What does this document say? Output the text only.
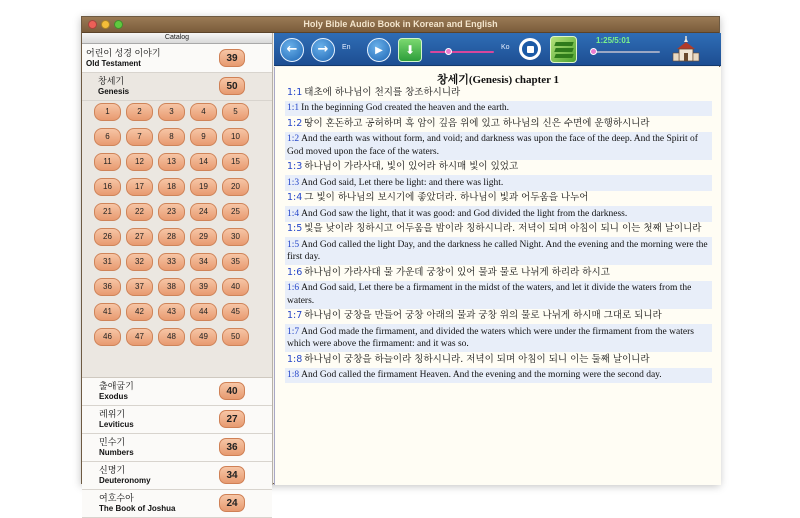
Holy Bible Audio Book in Korean and English
Catalog
어린이 성경 이야기
Old Testament	39
창세기
Genesis	50
1	2	3	4	5
6	7	8	9	10
11	12	13	14	15
16	17	18	19	20
21	22	23	24	25
26	27	28	29	30
31	32	33	34	35
36	37	38	39	40
41	42	43	44	45
46	47	48	49	50
출애굽기
Exodus	40
레위기
Leviticus	27
민수기
Numbers	36
신명기
Deuteronomy	34
여호수아
The Book of Joshua	24
←	→	En	▶	⬇	Ko
1:25/5:01
창세기(Genesis) chapter 1
1:1 태초에 하나님이 천지를 창조하시니라
1:1 In the beginning God created the heaven and the earth.
1:2 땅이 혼돈하고 공허하며 흑 암이 깊음 위에 있고 하나님의 신은 수면에 운행하시니라
1:2 And the earth was without form, and void; and darkness was upon the face of the deep. And the Spirit of God moved upon the face of the waters.
1:3 하나님이 가라사대, 빛이 있어라 하시매 빛이 있었고
1:3 And God said, Let there be light: and there was light.
1:4 그 빛이 하나님의 보시기에 좋았더라. 하나님이 빛과 어두움을 나누어
1:4 And God saw the light, that it was good: and God divided the light from the darkness.
1:5 빛을 낮이라 칭하시고 어두움을 밤이라 칭하시니라. 저녁이 되며 아침이 되니 이는 첫째 날이니라
1:5 And God called the light Day, and the darkness he called Night. And the evening and the morning were the first day.
1:6 하나님이 가라사대 물 가운데 궁창이 있어 물과 물로 나뉘게 하리라 하시고
1:6 And God said, Let there be a firmament in the midst of the waters, and let it divide the waters from the waters.
1:7 하나님이 궁창을 만들어 궁창 아래의 물과 궁창 위의 물로 나뉘게 하시매 그대로 되니라
1:7 And God made the firmament, and divided the waters which were under the firmament from the waters which were above the firmament: and it was so.
1:8 하나님이 궁창을 하늘이라 칭하시니라. 저녁이 되며 아침이 되니 이는 둘째 날이니라
1:8 And God called the firmament Heaven. And the evening and the morning were the second day.
